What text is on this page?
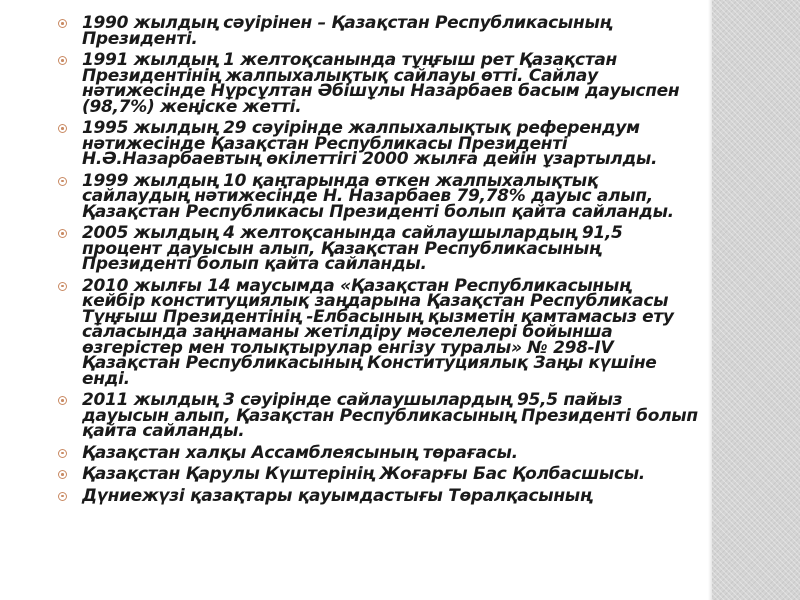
1990 жылдың сәуірінен – Қазақстан Республикасының Президенті.
1991 жылдың 1 желтоқсанында тұңғыш рет Қазақстан Президентінің жалпыхалықтық сайлауы өтті. Сайлау нәтижесінде Нұрсұлтан Әбішұлы Назарбаев басым дауыспен (98,7%) жеңіске жетті.
1995 жылдың 29 сәуірінде жалпыхалықтық референдум нәтижесінде Қазақстан Республикасы Президенті Н.Ә.Назарбаевтың өкілеттігі 2000 жылға дейін ұзартылды.
1999 жылдың 10 қаңтарында өткен жалпыхалықтық сайлаудың нәтижесінде Н. Назарбаев 79,78% дауыс алып, Қазақстан Республикасы Президенті болып қайта сайланды.
2005 жылдың 4 желтоқсанында сайлаушылардың 91,5 процент дауысын алып, Қазақстан Республикасының Президенті болып қайта сайланды.
2010 жылғы 14 маусымда «Қазақстан Республикасының кейбір конституциялық заңдарына Қазақстан Республикасы Тұңғыш Президентінің -Елбасының қызметін қамтамасыз ету саласында заңнаманы жетілдіру мәселелері бойынша өзгерістер мен толықтырулар енгізу туралы» № 298-IV Қазақстан Республикасының Конституциялық Заңы күшіне енді.
2011 жылдың 3 сәуірінде сайлаушылардың 95,5 пайыз дауысын алып, Қазақстан Республикасының Президенті болып қайта сайланды.
Қазақстан халқы Ассамблеясының төрағасы.
Қазақстан Қарулы Күштерінің Жоғарғы Бас Қолбасшысы.
Дүниежүзі қазақтары қауымдастығы Төралқасының
